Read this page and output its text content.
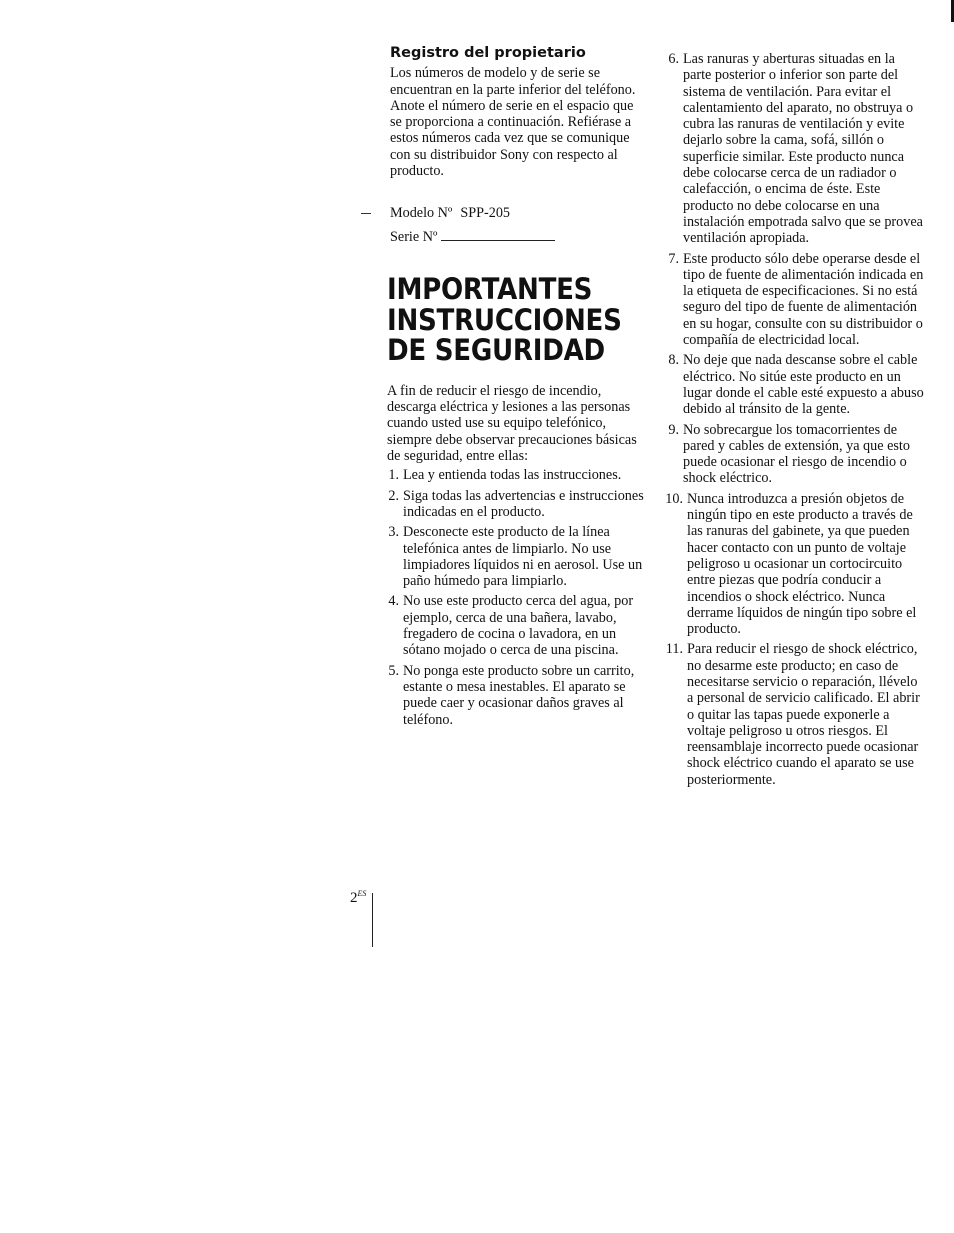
Registro del propietario

Los números de modelo y de serie se encuentran en la parte inferior del teléfono. Anote el número de serie en el espacio que se proporciona a continuación. Refiérase a estos números cada vez que se comunique con su distribuidor Sony con respecto al producto.

Modelo Nº SPP-205
Serie Nº
IMPORTANTES
INSTRUCCIONES
DE SEGURIDAD

A fin de reducir el riesgo de incendio, descarga eléctrica y lesiones a las personas cuando usted use su equipo telefónico, siempre debe observar precauciones básicas de seguridad, entre ellas:

1. Lea y entienda todas las instrucciones.
2. Siga todas las advertencias e instrucciones indicadas en el producto.
3. Desconecte este producto de la línea telefónica antes de limpiarlo. No use limpiadores líquidos ni en aerosol. Use un paño húmedo para limpiarlo.
4. No use este producto cerca del agua, por ejemplo, cerca de una bañera, lavabo, fregadero de cocina o lavadora, en un sótano mojado o cerca de una piscina.
5. No ponga este producto sobre un carrito, estante o mesa inestables. El aparato se puede caer y ocasionar daños graves al teléfono.
6. Las ranuras y aberturas situadas en la parte posterior o inferior son parte del sistema de ventilación. Para evitar el calentamiento del aparato, no obstruya o cubra las ranuras de ventilación y evite dejarlo sobre la cama, sofá, sillón o superficie similar. Este producto nunca debe colocarse cerca de un radiador o calefacción, o encima de éste. Este producto no debe colocarse en una instalación empotrada salvo que se provea ventilación apropiada.
7. Este producto sólo debe operarse desde el tipo de fuente de alimentación indicada en la etiqueta de especificaciones. Si no está seguro del tipo de fuente de alimentación en su hogar, consulte con su distribuidor o compañía de electricidad local.
8. No deje que nada descanse sobre el cable eléctrico. No sitúe este producto en un lugar donde el cable esté expuesto a abuso debido al tránsito de la gente.
9. No sobrecargue los tomacorrientes de pared y cables de extensión, ya que esto puede ocasionar el riesgo de incendio o shock eléctrico.
10. Nunca introduzca a presión objetos de ningún tipo en este producto a través de las ranuras del gabinete, ya que pueden hacer contacto con un punto de voltaje peligroso u ocasionar un cortocircuito entre piezas que podría conducir a incendios o shock eléctrico. Nunca derrame líquidos de ningún tipo sobre el producto.
11. Para reducir el riesgo de shock eléctrico, no desarme este producto; en caso de necesitarse servicio o reparación, llévelo a personal de servicio calificado. El abrir o quitar las tapas puede exponerle a voltaje peligroso u otros riesgos. El reensamblaje incorrecto puede ocasionar shock eléctrico cuando el aparato se use posteriormente.
$2^{ES}$
